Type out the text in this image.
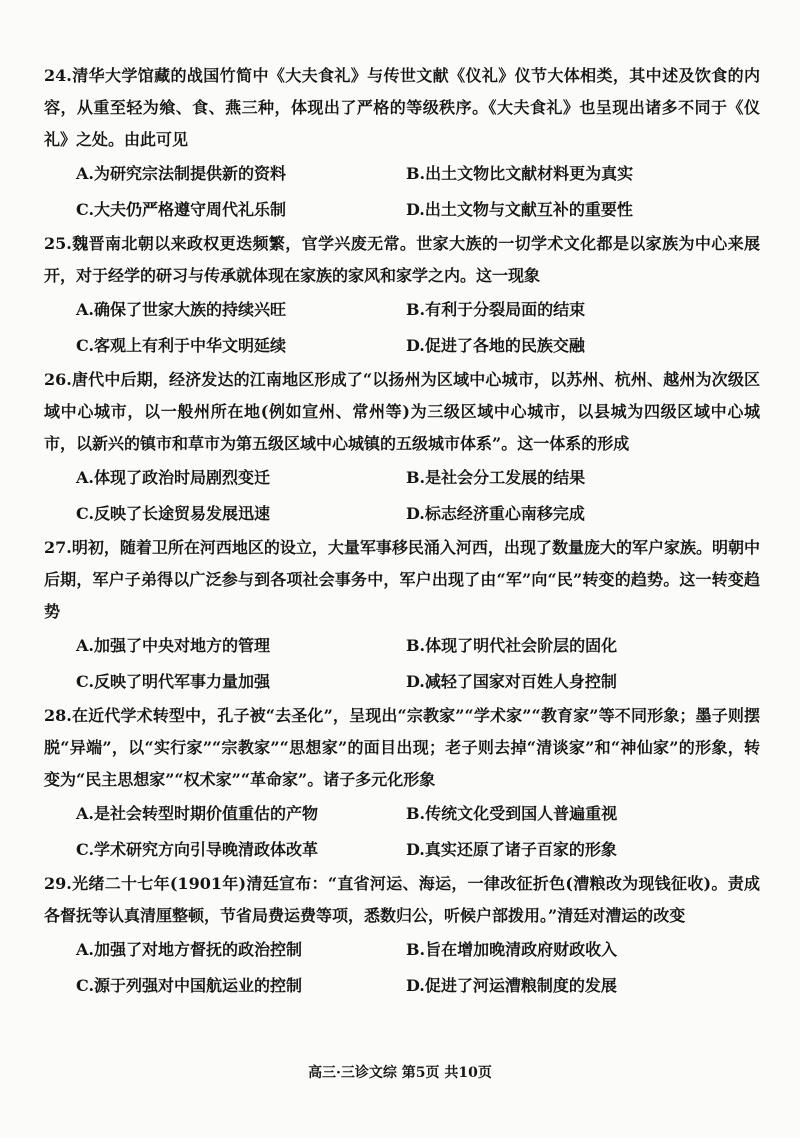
24.清华大学馆藏的战国竹简中《大夫食礼》与传世文献《仪礼》仪节大体相类，其中述及饮食的内容，从重至轻为飨、食、燕三种，体现出了严格的等级秩序。《大夫食礼》也呈现出诸多不同于《仪礼》之处。由此可见
A.为研究宗法制提供新的资料	B.出土文物比文献材料更为真实
C.大夫仍严格遵守周代礼乐制	D.出土文物与文献互补的重要性
25.魏晋南北朝以来政权更迭频繁，官学兴废无常。世家大族的一切学术文化都是以家族为中心来展开，对于经学的研习与传承就体现在家族的家风和家学之内。这一现象
A.确保了世家大族的持续兴旺	B.有利于分裂局面的结束
C.客观上有利于中华文明延续	D.促进了各地的民族交融
26.唐代中后期，经济发达的江南地区形成了“以扬州为区域中心城市，以苏州、杭州、越州为次级区域中心城市，以一般州所在地(例如宣州、常州等)为三级区域中心城市，以县城为四级区域中心城市，以新兴的镇市和草市为第五级区域中心城镇的五级城市体系”。这一体系的形成
A.体现了政治时局剧烈变迁	B.是社会分工发展的结果
C.反映了长途贸易发展迅速	D.标志经济重心南移完成
27.明初，随着卫所在河西地区的设立，大量军事移民涌入河西，出现了数量庞大的军户家族。明朝中后期，军户子弟得以广泛参与到各项社会事务中，军户出现了由“军”向“民”转变的趋势。这一转变趋势
A.加强了中央对地方的管理	B.体现了明代社会阶层的固化
C.反映了明代军事力量加强	D.减轻了国家对百姓人身控制
28.在近代学术转型中，孔子被“去圣化”，呈现出“宗教家”“学术家”“教育家”等不同形象；墨子则摆脱“异端”，以“实行家”“宗教家”“思想家”的面目出现；老子则去掉“清谈家”和“神仙家”的形象，转变为“民主思想家”“权术家”“革命家”。诸子多元化形象
A.是社会转型时期价值重估的产物	B.传统文化受到国人普遍重视
C.学术研究方向引导晚清政体改革	D.真实还原了诸子百家的形象
29.光绪二十七年(1901年)清廷宣布：“直省河运、海运，一律改征折色(漕粮改为现钱征收)。责成各督抚等认真清厘整顿，节省局费运费等项，悉数归公，听候户部拨用。”清廷对漕运的改变
A.加强了对地方督抚的政治控制	B.旨在增加晚清政府财政收入
C.源于列强对中国航运业的控制	D.促进了河运漕粮制度的发展
高三·三诊文综 第5页 共10页
